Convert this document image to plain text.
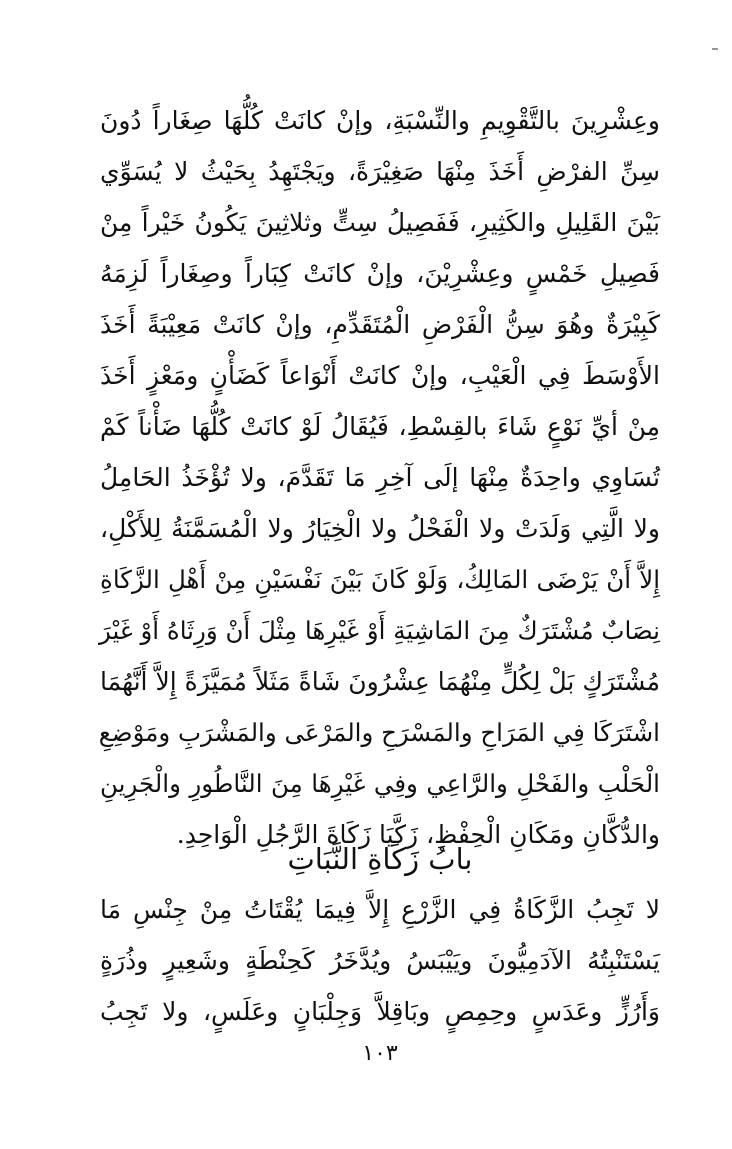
وعِشْرِينَ بالتَّقْوِيمِ والنِّسْبَةِ، وإنْ كانَتْ كُلُّهَا صِغَاراً دُونَ
سِنِّ الفرْضِ أَخَذَ مِنْهَا صَغِيْرَةً، ويَجْتَهِدُ بِحَيْثُ لا يُسَوِّي
بَيْنَ القَلِيلِ والكَثِيرِ، فَفَصِيلُ سِتٍّ وثلاثِينَ يَكُونُ خَيْراً مِنْ
فَصِيلِ خَمْسٍ وعِشْرِيْنَ، وإنْ كانَتْ كِبَاراً وصِغَاراً لَزِمَهُ
كَبِيْرَةٌ وهُوَ سِنُّ الْفَرْضِ الْمُتَقَدِّمِ، وإنْ كانَتْ مَعِيْبَةً أَخَذَ
الأَوْسَطَ فِي الْعَيْبِ، وإنْ كانَتْ أَنْوَاعاً كَضَأْنٍ ومَعْزٍ أَخَذَ
مِنْ أيِّ نَوْعٍ شَاءَ بالقِسْطِ، فَيُقَالُ لَوْ كانَتْ كُلُّهَا ضَأْناً كَمْ
تُسَاوِي واحِدَةٌ مِنْهَا إلَى آخِرِ مَا تَقَدَّمَ، ولا تُؤْخَذُ الحَامِلُ
ولا الَّتِي وَلَدَتْ ولا الْفَحْلُ ولا الْخِيَارُ ولا الْمُسَمَّنَةُ لِلأَكْلِ،
إِلاَّ أَنْ يَرْضَى المَالِكُ، وَلَوْ كَانَ بَيْنَ نَفْسَيْنِ مِنْ أَهْلِ الزَّكَاةِ
نِصَابٌ مُشْتَرَكٌ مِنَ المَاشِيَةِ أَوْ غَيْرِهَا مِثْلَ أَنْ وَرِثَاهُ أَوْ غَيْرَ
مُشْتَرَكٍ بَلْ لِكُلٍّ مِنْهُمَا عِشْرُونَ شَاةً مَثَلاً مُمَيَّزَةً إِلاَّ أَنَّهُمَا
اشْتَرَكَا فِي المَرَاحِ والمَسْرَحِ والمَرْعَى والمَشْرَبِ ومَوْضِعِ
الْحَلْبِ والفَحْلِ والرَّاعِي وفِي غَيْرِهَا مِنَ النَّاطُورِ والْجَرِينِ
والدُّكَّانِ ومَكَانِ الْحِفْظِ، زَكَّيَا زَكَاةَ الرَّجُلِ الْوَاحِدِ.
بابُ زَكَاةِ النَّبَاتِ
لا تَجِبُ الزَّكَاةُ فِي الزَّرْعِ إِلاَّ فِيمَا يُقْتَاتُ مِنْ جِنْسِ مَا
يَسْتَنْبِتُهُ الآدَمِيُّونَ ويَيْبَسُ ويُدَّخَرُ كَحِنْطَةٍ وشَعِيرٍ وذُرَةٍ
وَأَرُزٍّ وعَدَسٍ وحِمِصٍ وبَاقِلاَّ وَجِلْبَانٍ وعَلَسٍ، ولا تَجِبُ
١٠٣
